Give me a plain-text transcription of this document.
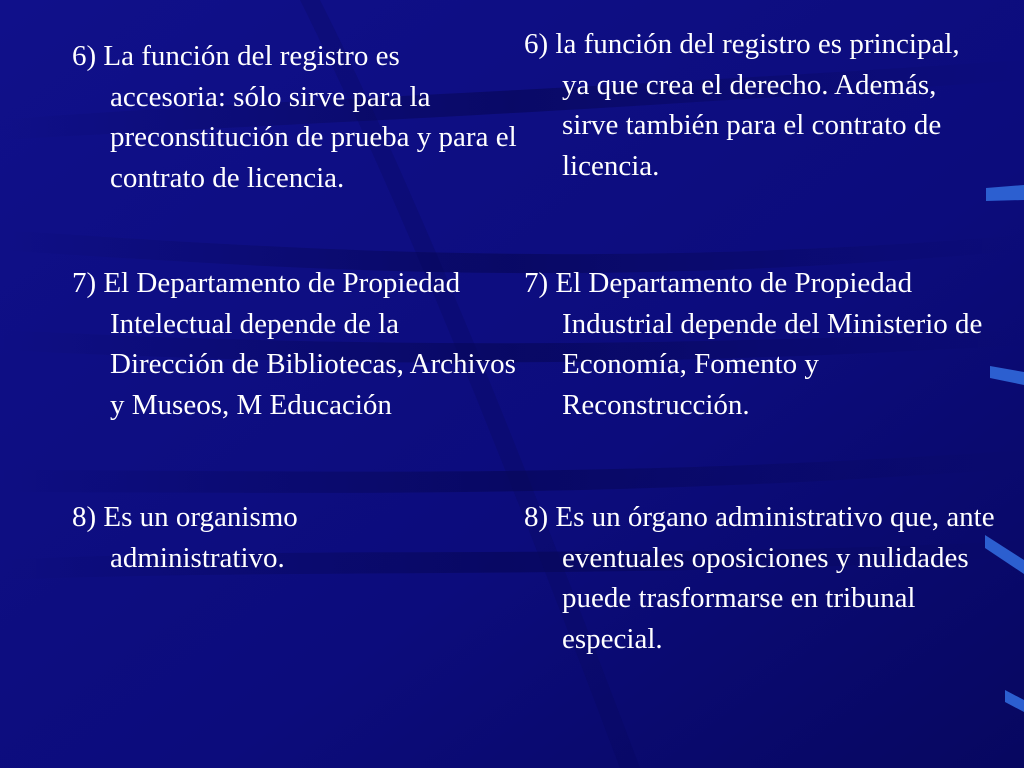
6) La función del registro es accesoria: sólo sirve para la preconstitución de prueba y para el contrato de licencia.

7) El Departamento de Propiedad Intelectual depende de la Dirección de Bibliotecas, Archivos y Museos, M Educación

8) Es un organismo administrativo.

6) la función del registro es principal, ya que crea el derecho. Además, sirve también para el contrato de licencia.

7) El Departamento de Propiedad Industrial depende del Ministerio de Economía, Fomento y Reconstrucción.

8) Es un órgano administrativo que, ante eventuales oposiciones y nulidades puede trasformarse en tribunal especial.
